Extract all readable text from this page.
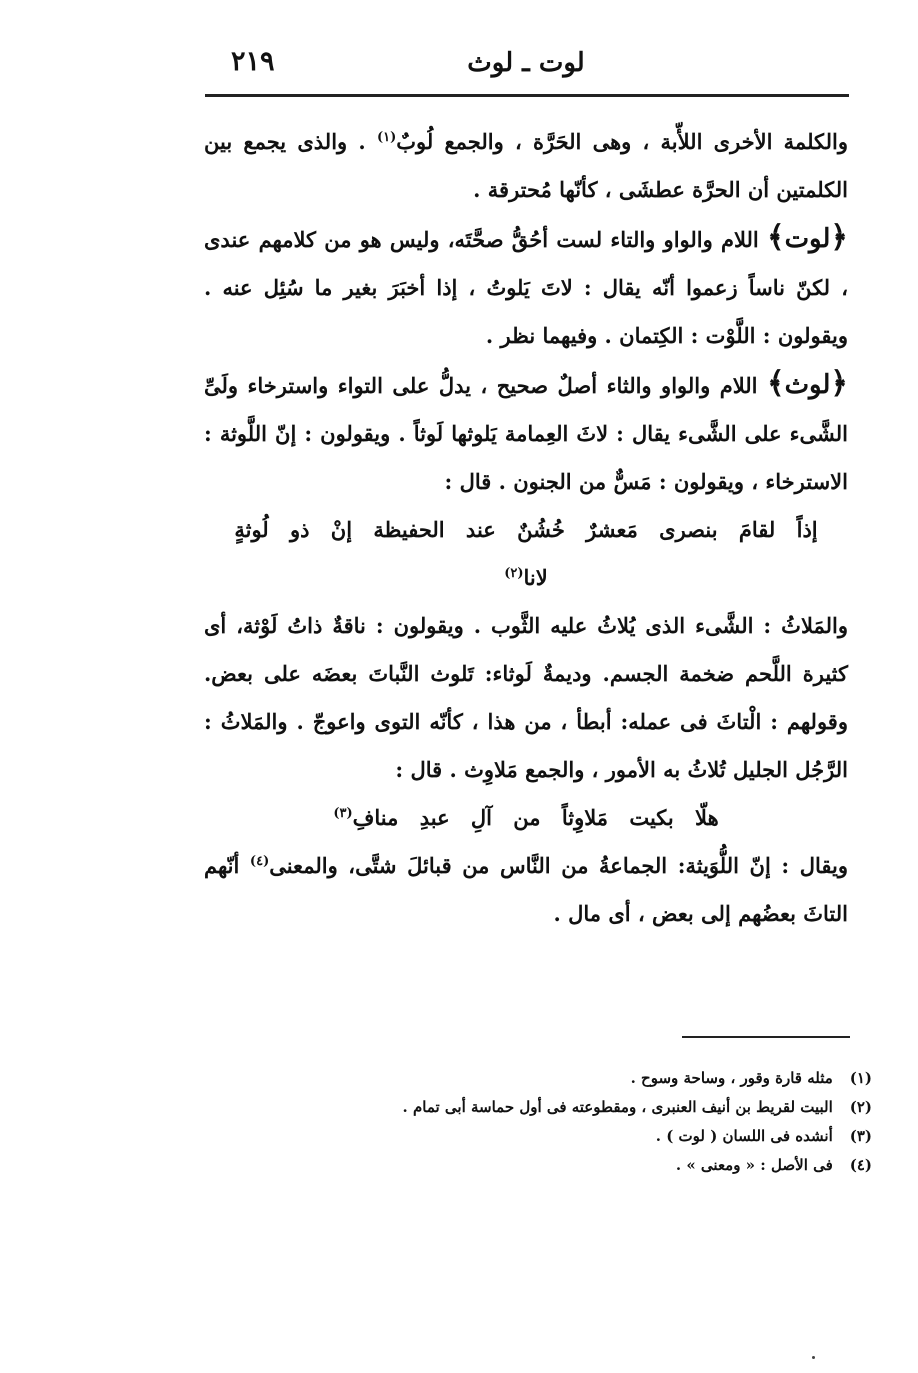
٢١٩	لوت ـ لوث

والكلمة الأخرى اللأّبة ، وهى الحَرَّة ، والجمع لُوبٌ$^{(١)}$ . والذى يجمع بين الكلمتين أن الحرَّة عطشَى ، كأنّها مُحترقة .

﴿لوت﴾ اللام والواو والتاء لست أحُقُّ صحَّتَه، وليس هو من كلامهم عندى ، لكنّ ناساً زعموا أنّه يقال : لاتَ يَلوتُ ، إذا أخبَرَ بغير ما سُئِل عنه . ويقولون : اللَّوْت : الكِتمان . وفيهما نظر .

﴿لوث﴾ اللام والواو والثاء أصلٌ صحيح ، يدلُّ على التواء واسترخاء ولَىِّ الشَّىء على الشَّىء يقال : لاثَ العِمامة يَلوثها لَوثاً . ويقولون : إنّ اللَّوثة : الاسترخاء ، ويقولون : مَسٌّ من الجنون . قال :

إذاً لقامَ بنصرى مَعشرٌ خُشُنٌ عند الحفيظة إنْ ذو لُوثةٍ لانا$^{(٢)}$

والمَلاثُ : الشَّىء الذى يُلاثُ عليه الثَّوب . ويقولون : ناقةٌ ذاتُ لَوْثة، أى كثيرة اللَّحم ضخمة الجسم. وديمةٌ لَوثاء: تَلوث النَّباتَ بعضَه على بعض. وقولهم : الْتاثَ فى عمله: أبطأ ، من هذا ، كأنّه التوى واعوجّ . والمَلاثُ : الرَّجُل الجليل تُلاثُ به الأمور ، والجمع مَلاوِث . قال :

هلّا بكيت مَلاوِثاً من آلِ عبدِ منافِ$^{(٣)}$

ويقال : إنّ اللُّوَيثة: الجماعةُ من النَّاس من قبائلَ شتَّى، والمعنى$^{(٤)}$ أنّهم التاثَ بعضُهم إلى بعض ، أى مال .

(١) مثله قارة وقور ، وساحة وسوح .

(٢) البيت لقريط بن أنيف العنبرى ، ومقطوعته فى أول حماسة أبى تمام .

(٣) أنشده فى اللسان ( لوت ) .

(٤) فى الأصل : « ومعنى » .
